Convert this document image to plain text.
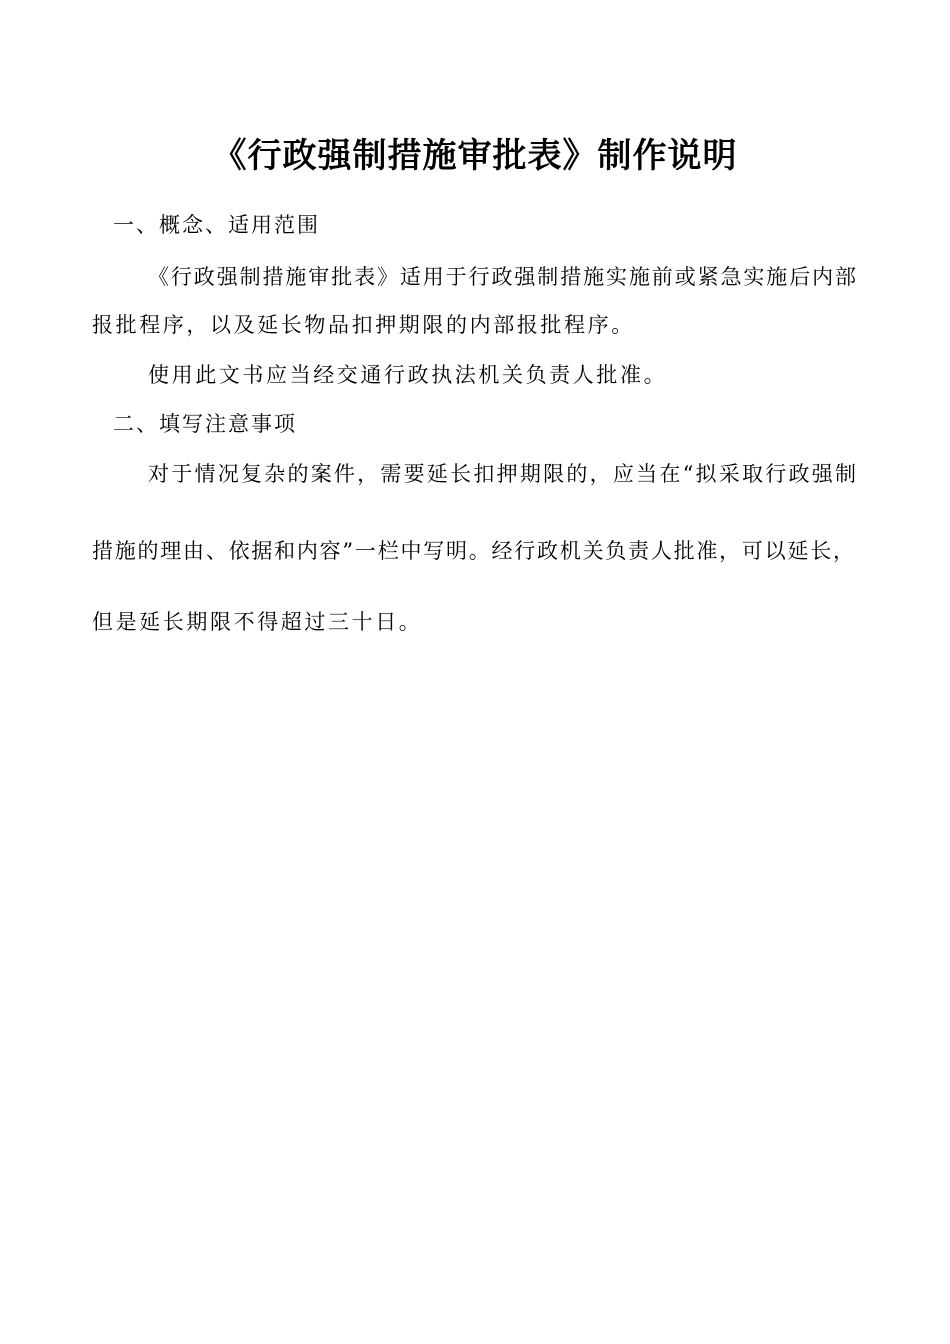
《行政强制措施审批表》制作说明

一、概念、适用范围

《行政强制措施审批表》适用于行政强制措施实施前或紧急实施后内部

报批程序，以及延长物品扣押期限的内部报批程序。

使用此文书应当经交通行政执法机关负责人批准。

二、填写注意事项

对于情况复杂的案件，需要延长扣押期限的，应当在“拟采取行政强制

措施的理由、依据和内容”一栏中写明。经行政机关负责人批准，可以延长，

但是延长期限不得超过三十日。
